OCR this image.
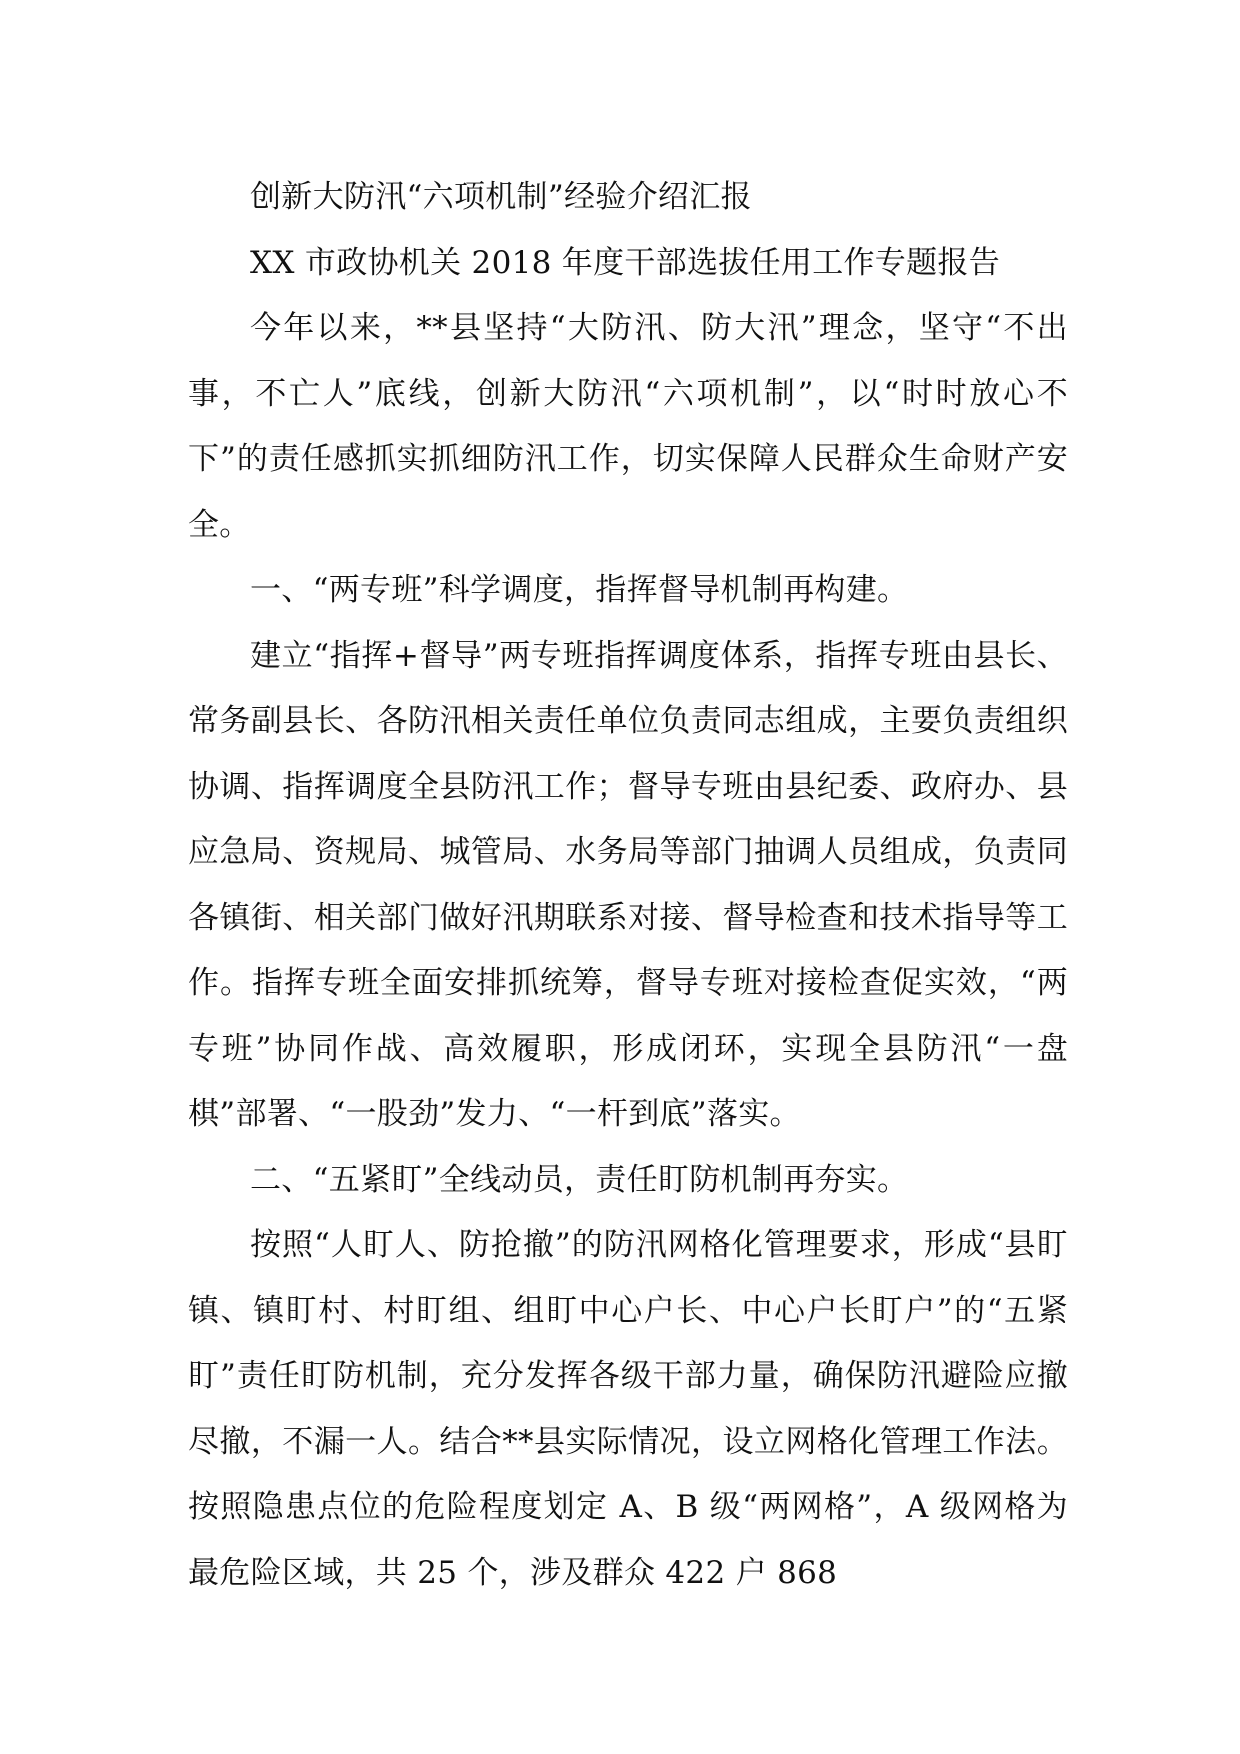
创新大防汛“六项机制”经验介绍汇报

XX 市政协机关 2018 年度干部选拔任用工作专题报告

今年以来，**县坚持“大防汛、防大汛”理念，坚守“不出事，不亡人”底线，创新大防汛“六项机制”，以“时时放心不下”的责任感抓实抓细防汛工作，切实保障人民群众生命财产安全。

一、“两专班”科学调度，指挥督导机制再构建。

建立“指挥+督导”两专班指挥调度体系，指挥专班由县长、常务副县长、各防汛相关责任单位负责同志组成，主要负责组织协调、指挥调度全县防汛工作；督导专班由县纪委、政府办、县应急局、资规局、城管局、水务局等部门抽调人员组成，负责同各镇街、相关部门做好汛期联系对接、督导检查和技术指导等工作。指挥专班全面安排抓统筹，督导专班对接检查促实效，“两专班”协同作战、高效履职，形成闭环，实现全县防汛“一盘棋”部署、“一股劲”发力、“一杆到底”落实。

二、“五紧盯”全线动员，责任盯防机制再夯实。

按照“人盯人、防抢撤”的防汛网格化管理要求，形成“县盯镇、镇盯村、村盯组、组盯中心户长、中心户长盯户”的“五紧盯”责任盯防机制，充分发挥各级干部力量，确保防汛避险应撤尽撤，不漏一人。结合**县实际情况，设立网格化管理工作法。按照隐患点位的危险程度划定 A、B 级“两网格”，A 级网格为最危险区域，共 25 个，涉及群众 422 户 868
